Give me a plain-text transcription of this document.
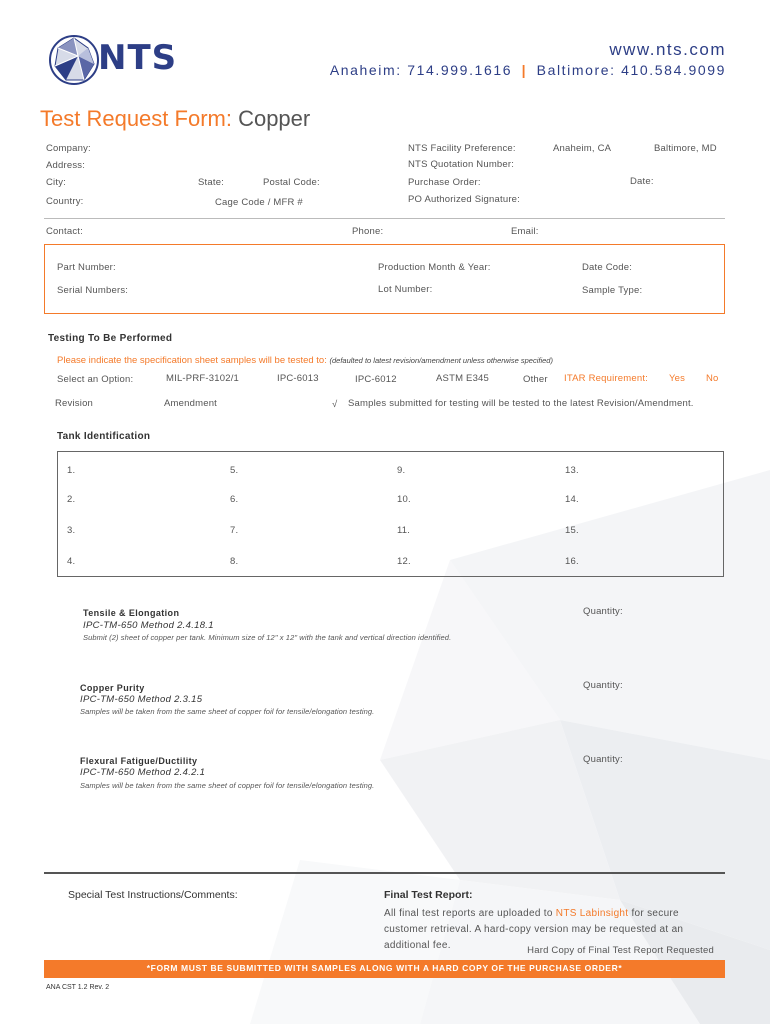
NTS	www.nts.com
Anaheim: 714.999.1616 | Baltimore: 410.584.9099
Test Request Form: Copper
Company:
Address:
City:	State:	Postal Code:
Country:	Cage Code / MFR #
NTS Facility Preference:	Anaheim, CA	Baltimore, MD
NTS Quotation Number:
Purchase Order:	Date:
PO Authorized Signature:
Contact:	Phone:	Email:
Part Number:	Production Month & Year:	Date Code:
Serial Numbers:	Lot Number:	Sample Type:
Testing To Be Performed
Please indicate the specification sheet samples will be tested to: (defaulted to latest revision/amendment unless otherwise specified)
Select an Option:	MIL-PRF-3102/1	IPC-6013	IPC-6012	ASTM E345	Other ITAR Requirement: Yes No
Revision	Amendment	√ Samples submitted for testing will be tested to the latest Revision/Amendment.
Tank Identification
1.	5.	9.	13.
2.	6.	10.	14.
3.	7.	11.	15.
4.	8.	12.	16.
Tensile & Elongation
IPC-TM-650 Method 2.4.18.1
Submit (2) sheet of copper per tank. Minimum size of 12" x 12" with the tank and vertical direction identified.
Quantity:
Copper Purity
IPC-TM-650 Method 2.3.15
Samples will be taken from the same sheet of copper foil for tensile/elongation testing.
Quantity:
Flexural Fatigue/Ductility
IPC-TM-650 Method 2.4.2.1
Samples will be taken from the same sheet of copper foil for tensile/elongation testing.
Quantity:
Special Test Instructions/Comments:	Final Test Report:
All final test reports are uploaded to NTS Labinsight for secure customer retrieval. A hard-copy version may be requested at an additional fee.	Hard Copy of Final Test Report Requested
*FORM MUST BE SUBMITTED WITH SAMPLES ALONG WITH A HARD COPY OF THE PURCHASE ORDER*
ANA CST 1.2 Rev. 2
